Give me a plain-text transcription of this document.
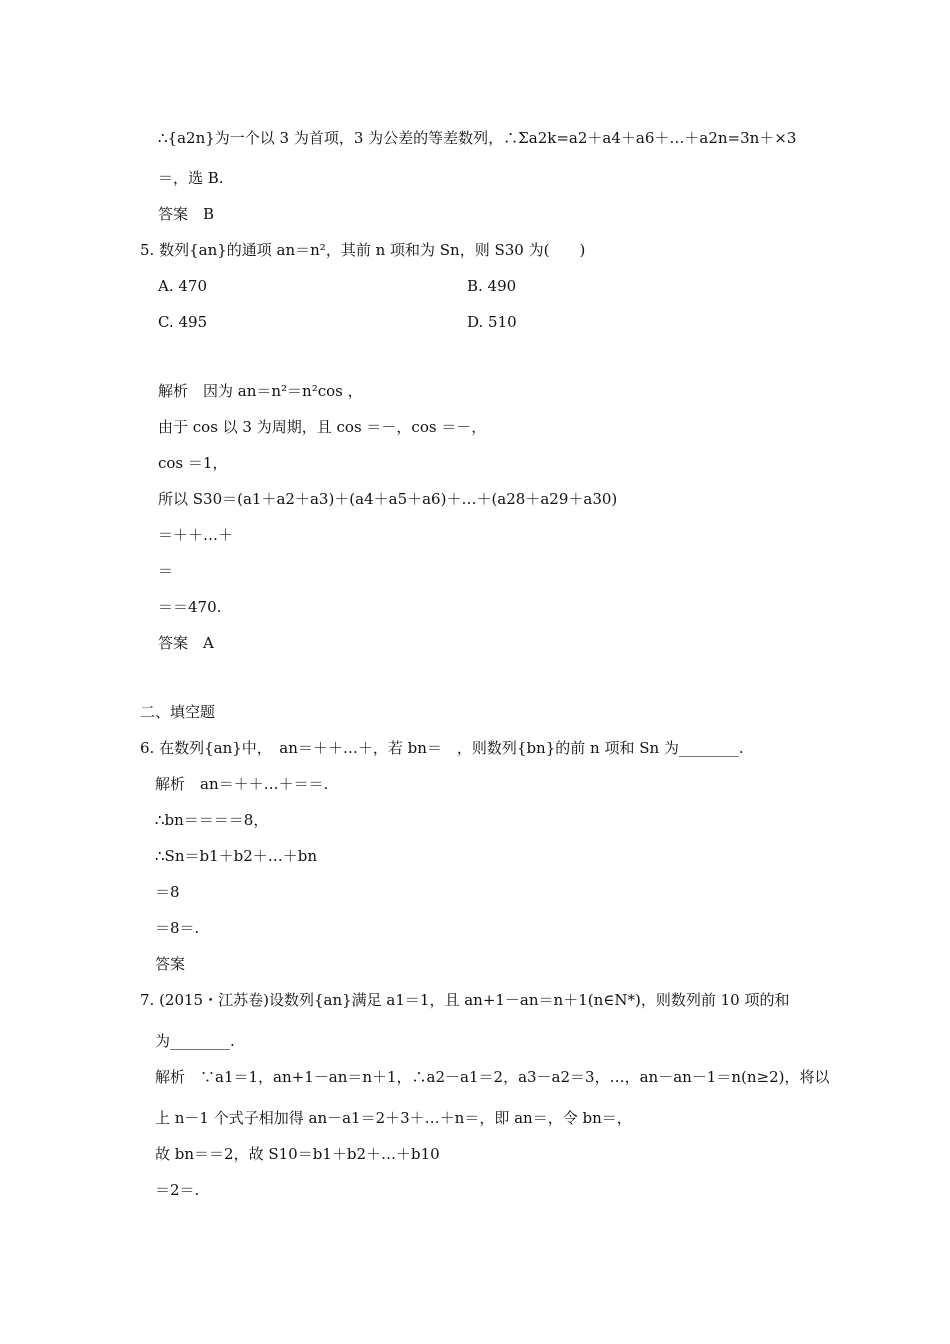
∴{a2n}为一个以 3 为首项，3 为公差的等差数列，∴Σa2k=a2＋a4＋a6＋…＋a2n=3n＋×3
＝，选 B.
答案　B
5. 数列{an}的通项 an＝n²，其前 n 项和为 Sn，则 S30 为(　　)
A. 470	B. 490
C. 495	D. 510
解析　因为 an＝n²＝n²cos ，
由于 cos 以 3 为周期，且 cos ＝－，cos ＝－，
cos ＝1，
所以 S30＝(a1＋a2＋a3)＋(a4＋a5＋a6)＋…＋(a28＋a29＋a30)
＝＋＋…＋
＝
＝＝470.
答案　A
二、填空题
6. 在数列{an}中，　an＝＋＋…＋，若 bn＝　，则数列{bn}的前 n 项和 Sn 为________.
解析　an＝＋＋…＋＝＝.
∴bn＝＝＝＝8，
∴Sn＝b1＋b2＋…＋bn
＝8
＝8＝.
答案
7. (2015・江苏卷)设数列{an}满足 a1＝1，且 an+1－an＝n＋1(n∈N*)，则数列前 10 项的和
为________.
解析　∵a1＝1，an+1－an＝n＋1，∴a2－a1＝2，a3－a2＝3，…，an－an－1＝n(n≥2)，将以
上 n－1 个式子相加得 an－a1＝2＋3＋…＋n＝，即 an＝，令 bn＝，
故 bn＝＝2，故 S10＝b1＋b2＋…＋b10
＝2＝.
